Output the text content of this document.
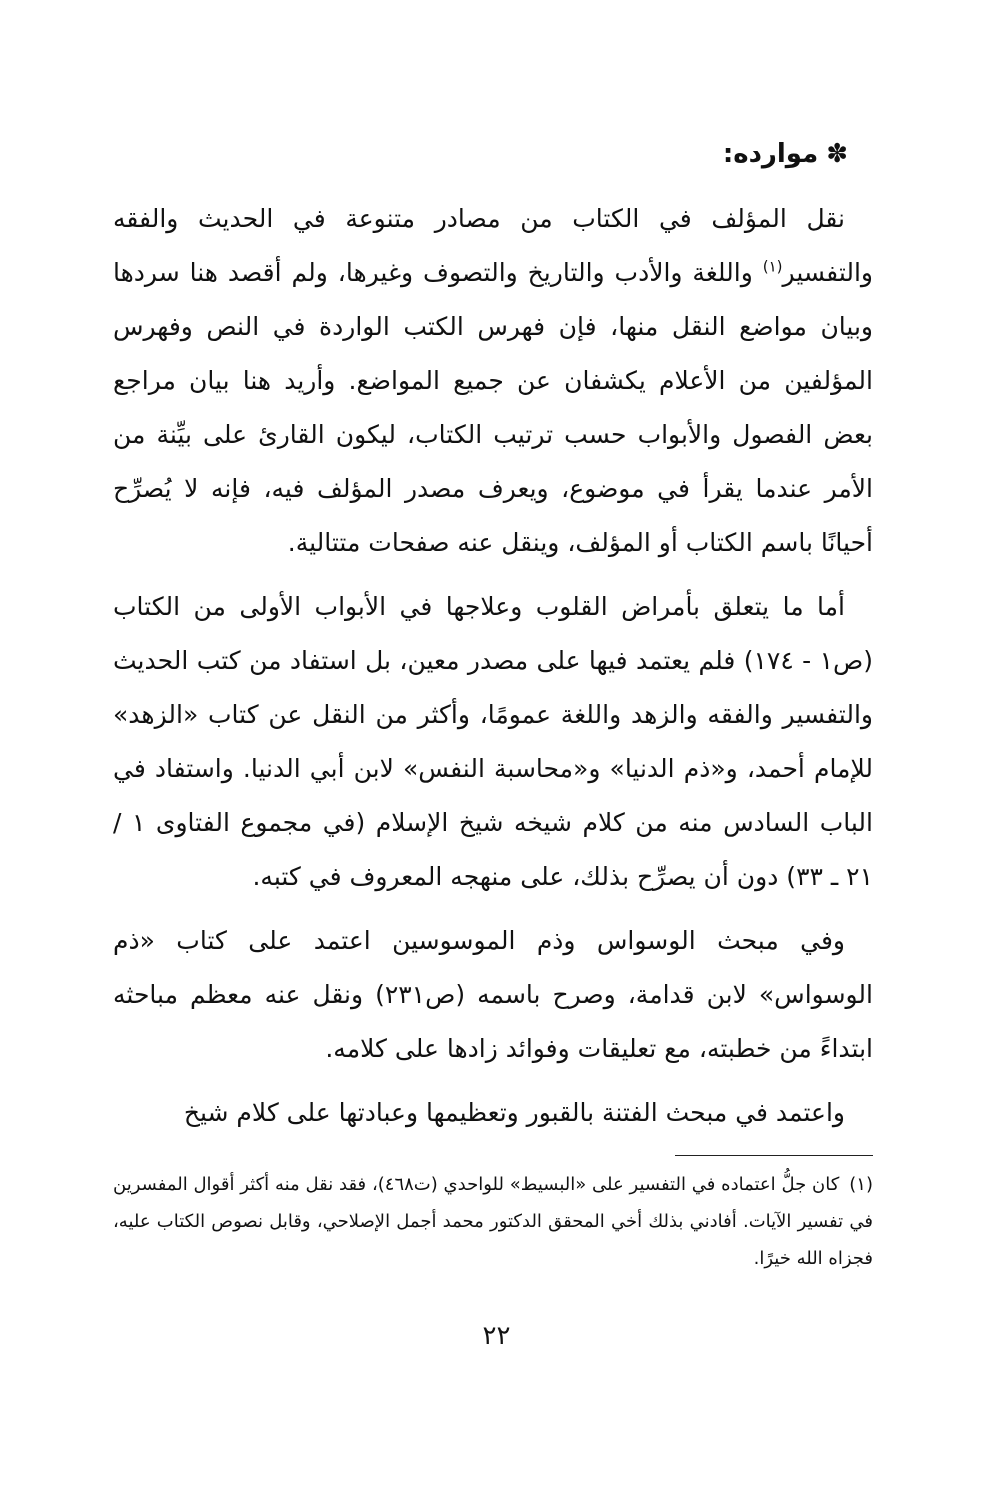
✽موارده:

نقل المؤلف في الكتاب من مصادر متنوعة في الحديث والفقه والتفسير$^{(١)}$ واللغة والأدب والتاريخ والتصوف وغيرها، ولم أقصد هنا سردها وبيان مواضع النقل منها، فإن فهرس الكتب الواردة في النص وفهرس المؤلفين من الأعلام يكشفان عن جميع المواضع. وأريد هنا بيان مراجع بعض الفصول والأبواب حسب ترتيب الكتاب، ليكون القارئ على بيِّنة من الأمر عندما يقرأ في موضوع، ويعرف مصدر المؤلف فيه، فإنه لا يُصرِّح أحيانًا باسم الكتاب أو المؤلف، وينقل عنه صفحات متتالية.

أما ما يتعلق بأمراض القلوب وعلاجها في الأبواب الأولى من الكتاب (ص١ - ١٧٤) فلم يعتمد فيها على مصدر معين، بل استفاد من كتب الحديث والتفسير والفقه والزهد واللغة عمومًا، وأكثر من النقل عن كتاب «الزهد» للإمام أحمد، و«ذم الدنيا» و«محاسبة النفس» لابن أبي الدنيا. واستفاد في الباب السادس منه من كلام شيخه شيخ الإسلام (في مجموع الفتاوى ١ / ٢١ ـ ٣٣) دون أن يصرِّح بذلك، على منهجه المعروف في كتبه.

وفي مبحث الوسواس وذم الموسوسين اعتمد على كتاب «ذم الوسواس» لابن قدامة، وصرح باسمه (ص٢٣١) ونقل عنه معظم مباحثه ابتداءً من خطبته، مع تعليقات وفوائد زادها على كلامه.

واعتمد في مبحث الفتنة بالقبور وتعظيمها وعبادتها على كلام شيخ

(١)كان جلُّ اعتماده في التفسير على «البسيط» للواحدي (ت٤٦٨)، فقد نقل منه أكثر أقوال المفسرين في تفسير الآيات. أفادني بذلك أخي المحقق الدكتور محمد أجمل الإصلاحي، وقابل نصوص الكتاب عليه، فجزاه الله خيرًا.
٢٢
